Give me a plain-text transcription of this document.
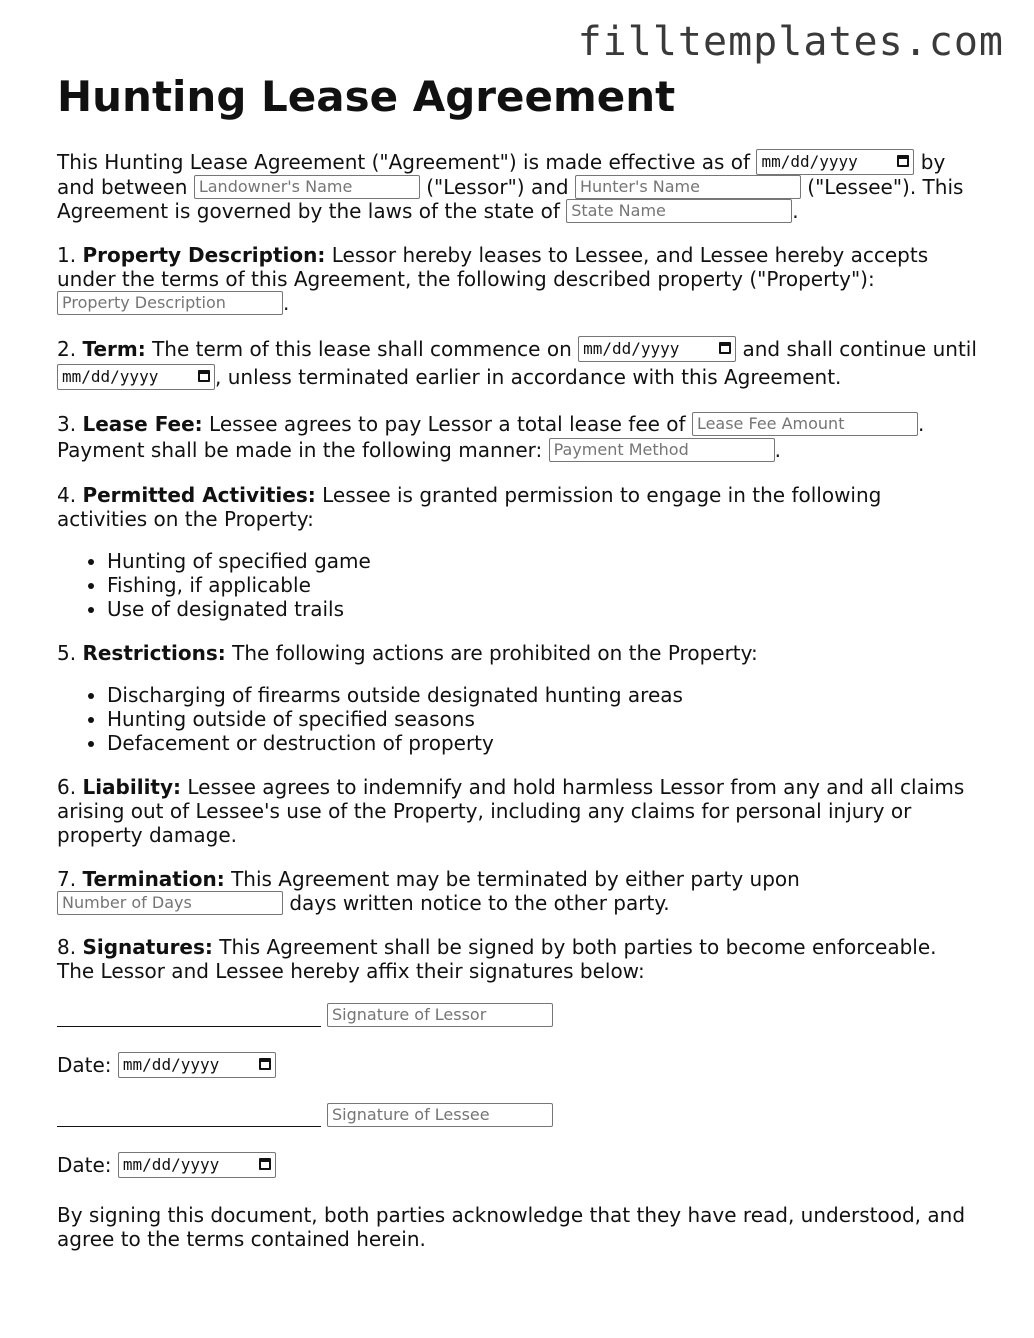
filltemplates.com
Hunting Lease Agreement

This Hunting Lease Agreement ("Agreement") is made effective as of mm/dd/yyyy	by and between Landowner's Name	("Lessor") and Hunter's Name	("Lessee"). This Agreement is governed by the laws of the state of State Name	.

1. Property Description: Lessor hereby leases to Lessee, and Lessee hereby accepts under the terms of this Agreement, the following described property ("Property"):
Property Description	.

2. Term: The term of this lease shall commence on mm/dd/yyyy	and shall continue until mm/dd/yyyy	, unless terminated earlier in accordance with this Agreement.

3. Lease Fee: Lessee agrees to pay Lessor a total lease fee of Lease Fee Amount	. Payment shall be made in the following manner: Payment Method	.

4. Permitted Activities: Lessee is granted permission to engage in the following activities on the Property:

• Hunting of specified game
• Fishing, if applicable
• Use of designated trails

5. Restrictions: The following actions are prohibited on the Property:

• Discharging of firearms outside designated hunting areas
• Hunting outside of specified seasons
• Defacement or destruction of property

6. Liability: Lessee agrees to indemnify and hold harmless Lessor from any and all claims arising out of Lessee's use of the Property, including any claims for personal injury or property damage.

7. Termination: This Agreement may be terminated by either party upon
Number of Days	days written notice to the other party.

8. Signatures: This Agreement shall be signed by both parties to become enforceable. The Lessor and Lessee hereby affix their signatures below:

Signature of Lessor
Date: mm/dd/yyyy
Signature of Lessee
Date: mm/dd/yyyy

By signing this document, both parties acknowledge that they have read, understood, and agree to the terms contained herein.
